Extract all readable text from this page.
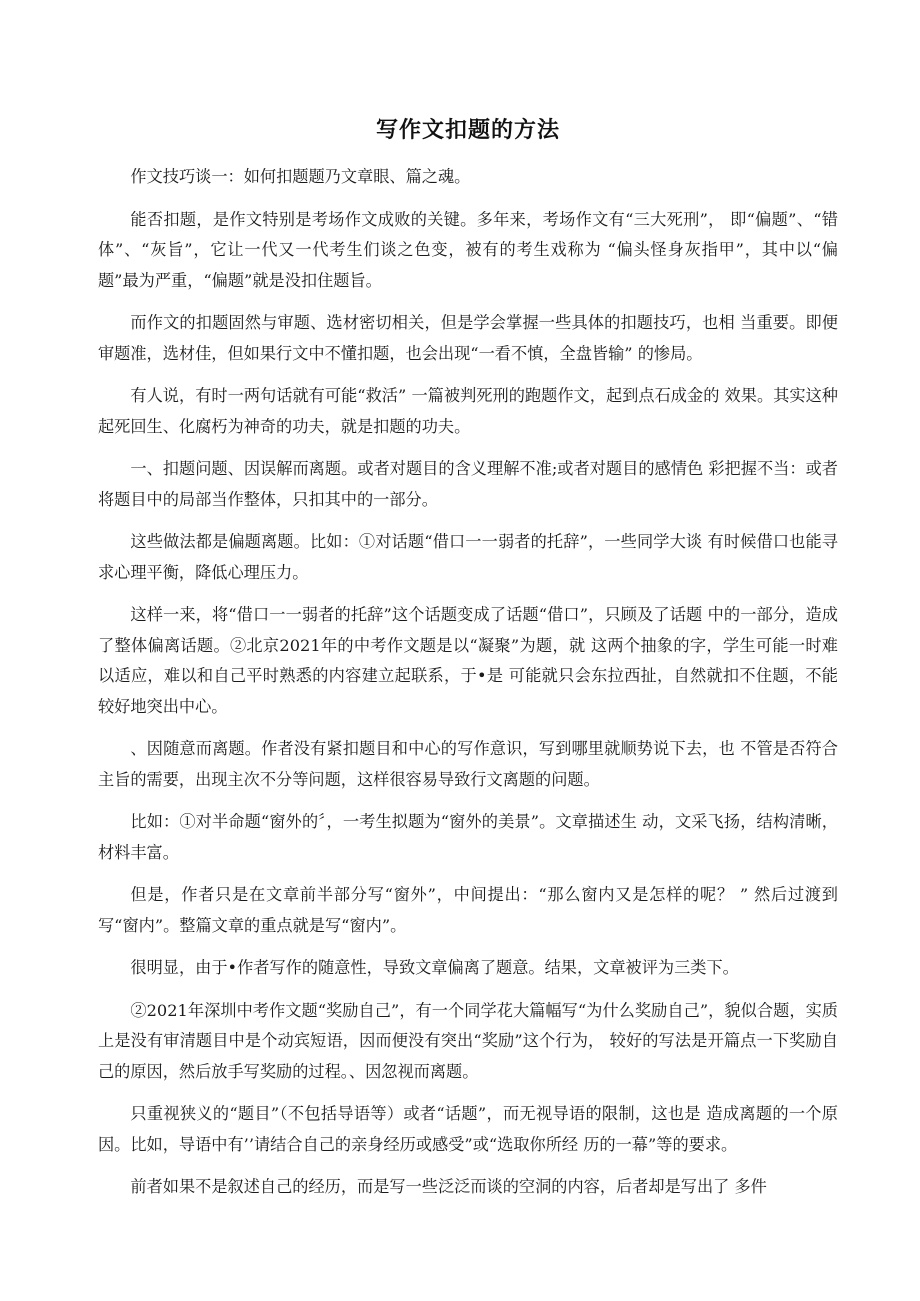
写作文扣题的方法

作文技巧谈一：如何扣题题乃文章眼、篇之魂。

能否扣题，是作文特别是考场作文成败的关键。多年来，考场作文有“三大死刑”， 即“偏题”、“错体”、“灰旨”，它让一代又一代考生们谈之色变，被有的考生戏称为 “偏头怪身灰指甲”，其中以“偏题”最为严重，“偏题”就是没扣住题旨。

而作文的扣题固然与审题、选材密切相关，但是学会掌握一些具体的扣题技巧，也相 当重要。即便审题准，选材佳，但如果行文中不懂扣题，也会出现“一看不慎，全盘皆输” 的惨局。

有人说，有时一两句话就有可能“救活” 一篇被判死刑的跑题作文，起到点石成金的 效果。其实这种起死回生、化腐朽为神奇的功夫，就是扣题的功夫。

一、扣题问题、因误解而离题。或者对题目的含义理解不准;或者对题目的感情色 彩把握不当：或者将题目中的局部当作整体，只扣其中的一部分。

这些做法都是偏题离题。比如：①对话题“借口一一弱者的托辞”，一些同学大谈 有时候借口也能寻求心理平衡，降低心理压力。

这样一来，将“借口一一弱者的托辞”这个话题变成了话题“借口”，只顾及了话题 中的一部分，造成了整体偏离话题。②北京2021年的中考作文题是以“凝聚”为题，就 这两个抽象的字，学生可能一时难以适应，难以和自己平时熟悉的内容建立起联系，于•是 可能就只会东拉西扯，自然就扣不住题，不能较好地突出中心。

、因随意而离题。作者没有紧扣题目和中心的写作意识，写到哪里就顺势说下去，也 不管是否符合主旨的需要，出现主次不分等问题，这样很容易导致行文离题的问题。

比如：①对半命题“窗外的〞，一考生拟题为“窗外的美景”。文章描述生 动，文采飞扬，结构清晰，材料丰富。

但是，作者只是在文章前半部分写“窗外”，中间提出：“那么窗内又是怎样的呢？ ” 然后过渡到写“窗内”。整篇文章的重点就是写“窗内”。

很明显，由于•作者写作的随意性，导致文章偏离了题意。结果，文章被评为三类下。

②2021年深圳中考作文题“奖励自己”，有一个同学花大篇幅写“为什么奖励自己”，貌似合题，实质上是没有审清题目中是个动宾短语，因而便没有突出“奖励”这个行为， 较好的写法是开篇点一下奖励自己的原因，然后放手写奖励的过程。、因忽视而离题。

只重视狭义的“题目”（不包括导语等）或者“话题”，而无视导语的限制，这也是 造成离题的一个原因。比如，导语中有’’请结合自己的亲身经历或感受”或“选取你所经 历的一幕”等的要求。

前者如果不是叙述自己的经历，而是写一些泛泛而谈的空洞的内容，后者却是写出了 多件
